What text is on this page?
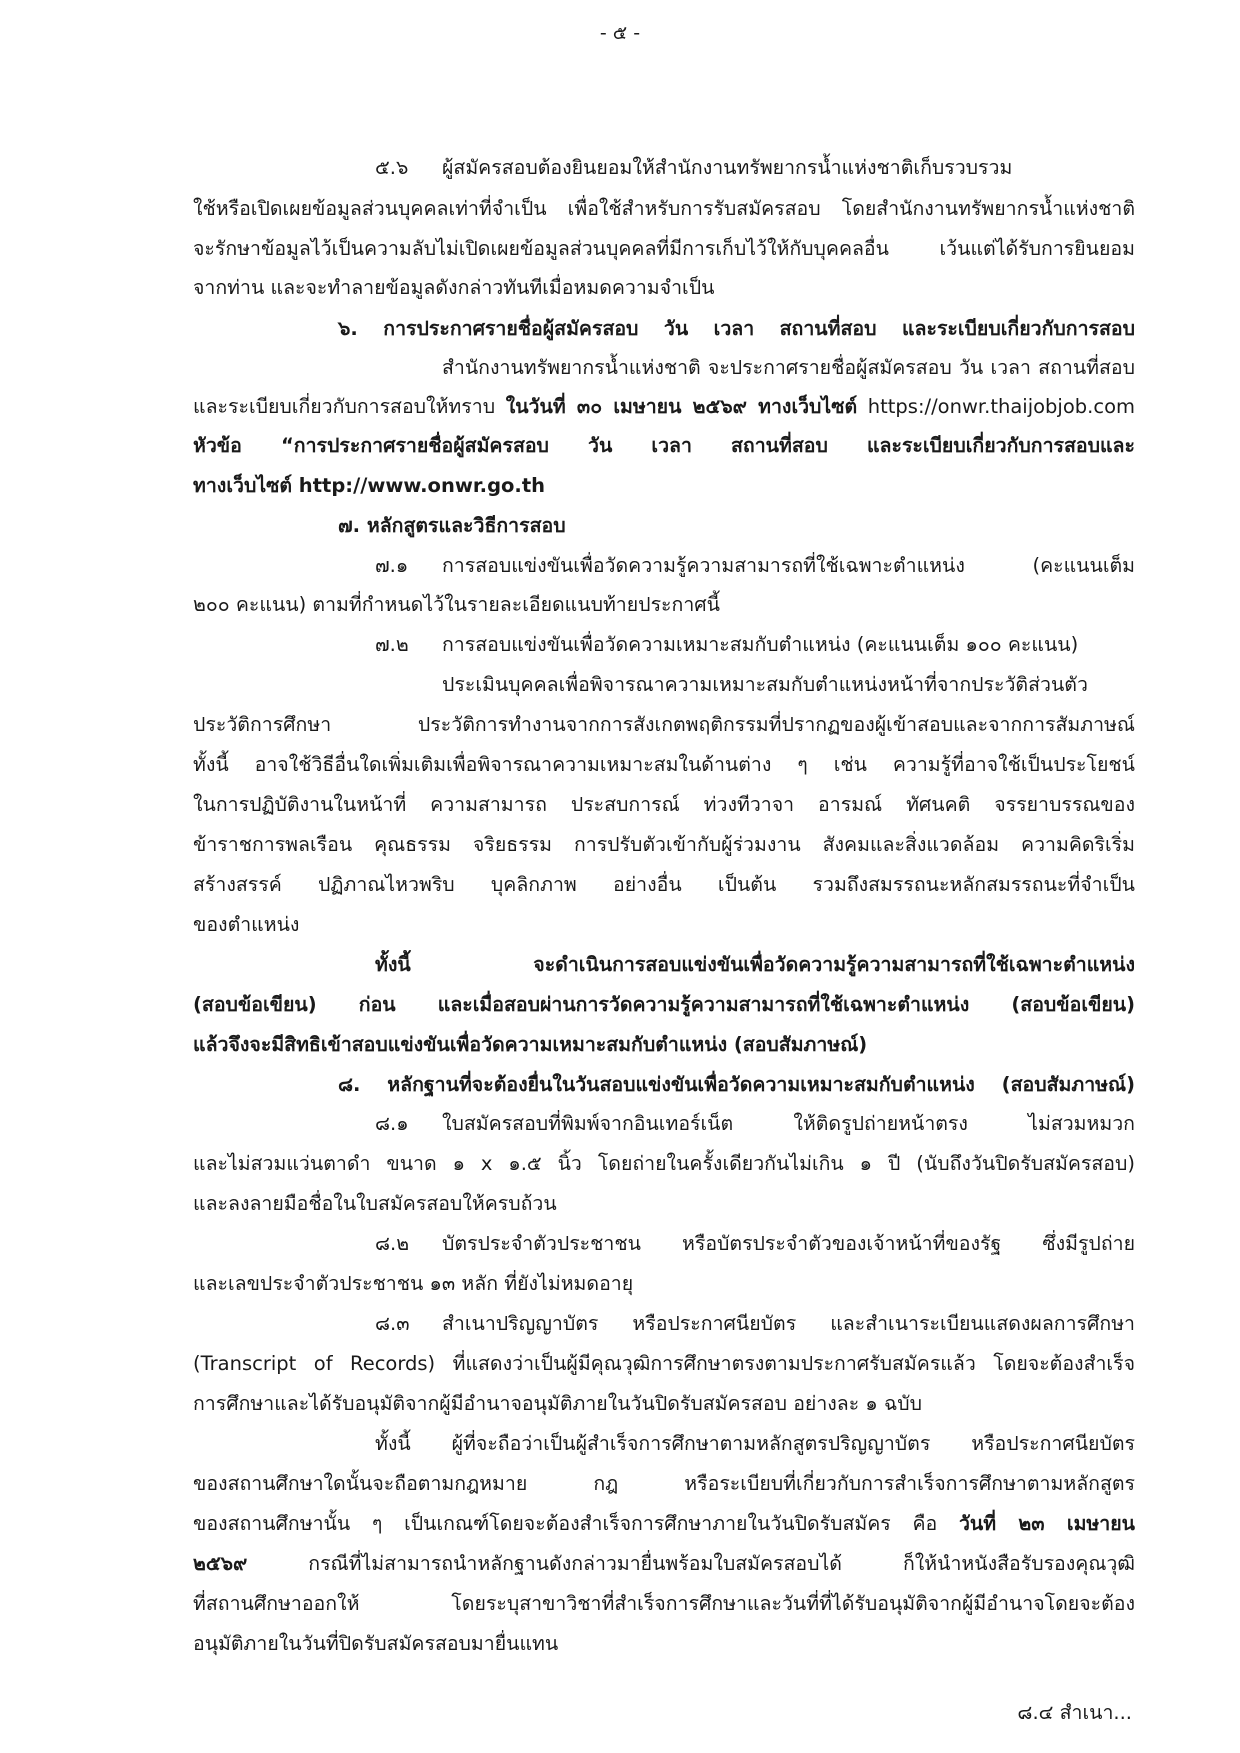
- ๕ -
๕.๖ ผู้สมัครสอบต้องยินยอมให้สำนักงานทรัพยากรน้ำแห่งชาติเก็บรวบรวม
ใช้หรือเปิดเผยข้อมูลส่วนบุคคลเท่าที่จำเป็น เพื่อใช้สำหรับการรับสมัครสอบ โดยสำนักงานทรัพยากรน้ำแห่งชาติ
จะรักษาข้อมูลไว้เป็นความลับไม่เปิดเผยข้อมูลส่วนบุคคลที่มีการเก็บไว้ให้กับบุคคลอื่น เว้นแต่ได้รับการยินยอม
จากท่าน และจะทำลายข้อมูลดังกล่าวทันทีเมื่อหมดความจำเป็น
๖. การประกาศรายชื่อผู้สมัครสอบ วัน เวลา สถานที่สอบ และระเบียบเกี่ยวกับการสอบ
สำนักงานทรัพยากรน้ำแห่งชาติ จะประกาศรายชื่อผู้สมัครสอบ วัน เวลา สถานที่สอบ
และระเบียบเกี่ยวกับการสอบให้ทราบ ในวันที่ ๓๐ เมษายน ๒๕๖๙ ทางเว็บไซต์ https://onwr.thaijobjob.com
หัวข้อ “การประกาศรายชื่อผู้สมัครสอบ วัน เวลา สถานที่สอบ และระเบียบเกี่ยวกับการสอบและ
ทางเว็บไซต์ http://www.onwr.go.th
๗. หลักสูตรและวิธีการสอบ
๗.๑ การสอบแข่งขันเพื่อวัดความรู้ความสามารถที่ใช้เฉพาะตำแหน่ง (คะแนนเต็ม
๒๐๐ คะแนน) ตามที่กำหนดไว้ในรายละเอียดแนบท้ายประกาศนี้
๗.๒ การสอบแข่งขันเพื่อวัดความเหมาะสมกับตำแหน่ง (คะแนนเต็ม ๑๐๐ คะแนน)
ประเมินบุคคลเพื่อพิจารณาความเหมาะสมกับตำแหน่งหน้าที่จากประวัติส่วนตัว
ประวัติการศึกษา ประวัติการทำงานจากการสังเกตพฤติกรรมที่ปรากฏของผู้เข้าสอบและจากการสัมภาษณ์
ทั้งนี้ อาจใช้วิธีอื่นใดเพิ่มเติมเพื่อพิจารณาความเหมาะสมในด้านต่าง ๆ เช่น ความรู้ที่อาจใช้เป็นประโยชน์
ในการปฏิบัติงานในหน้าที่ ความสามารถ ประสบการณ์ ท่วงทีวาจา อารมณ์ ทัศนคติ จรรยาบรรณของ
ข้าราชการพลเรือน คุณธรรม จริยธรรม การปรับตัวเข้ากับผู้ร่วมงาน สังคมและสิ่งแวดล้อม ความคิดริเริ่ม
สร้างสรรค์ ปฏิภาณไหวพริบ บุคลิกภาพ อย่างอื่น เป็นต้น รวมถึงสมรรถนะหลักสมรรถนะที่จำเป็น
ของตำแหน่ง
ทั้งนี้ จะดำเนินการสอบแข่งขันเพื่อวัดความรู้ความสามารถที่ใช้เฉพาะตำแหน่ง
(สอบข้อเขียน) ก่อน และเมื่อสอบผ่านการวัดความรู้ความสามารถที่ใช้เฉพาะตำแหน่ง (สอบข้อเขียน)
แล้วจึงจะมีสิทธิเข้าสอบแข่งขันเพื่อวัดความเหมาะสมกับตำแหน่ง (สอบสัมภาษณ์)
๘. หลักฐานที่จะต้องยื่นในวันสอบแข่งขันเพื่อวัดความเหมาะสมกับตำแหน่ง (สอบสัมภาษณ์)
๘.๑ ใบสมัครสอบที่พิมพ์จากอินเทอร์เน็ต ให้ติดรูปถ่ายหน้าตรง ไม่สวมหมวก
และไม่สวมแว่นตาดำ ขนาด ๑ x ๑.๕ นิ้ว โดยถ่ายในครั้งเดียวกันไม่เกิน ๑ ปี (นับถึงวันปิดรับสมัครสอบ)
และลงลายมือชื่อในใบสมัครสอบให้ครบถ้วน
๘.๒ บัตรประจำตัวประชาชน หรือบัตรประจำตัวของเจ้าหน้าที่ของรัฐ ซึ่งมีรูปถ่าย
และเลขประจำตัวประชาชน ๑๓ หลัก ที่ยังไม่หมดอายุ
๘.๓ สำเนาปริญญาบัตร หรือประกาศนียบัตร และสำเนาระเบียนแสดงผลการศึกษา
(Transcript of Records) ที่แสดงว่าเป็นผู้มีคุณวุฒิการศึกษาตรงตามประกาศรับสมัครแล้ว โดยจะต้องสำเร็จ
การศึกษาและได้รับอนุมัติจากผู้มีอำนาจอนุมัติภายในวันปิดรับสมัครสอบ อย่างละ ๑ ฉบับ
ทั้งนี้ ผู้ที่จะถือว่าเป็นผู้สำเร็จการศึกษาตามหลักสูตรปริญญาบัตร หรือประกาศนียบัตร
ของสถานศึกษาใดนั้นจะถือตามกฎหมาย กฎ หรือระเบียบที่เกี่ยวกับการสำเร็จการศึกษาตามหลักสูตร
ของสถานศึกษานั้น ๆ เป็นเกณฑ์โดยจะต้องสำเร็จการศึกษาภายในวันปิดรับสมัคร คือ วันที่ ๒๓ เมษายน
๒๕๖๙ กรณีที่ไม่สามารถนำหลักฐานดังกล่าวมายื่นพร้อมใบสมัครสอบได้ ก็ให้นำหนังสือรับรองคุณวุฒิ
ที่สถานศึกษาออกให้ โดยระบุสาขาวิชาที่สำเร็จการศึกษาและวันที่ที่ได้รับอนุมัติจากผู้มีอำนาจโดยจะต้อง
อนุมัติภายในวันที่ปิดรับสมัครสอบมายื่นแทน
๘.๔ สำเนา...
